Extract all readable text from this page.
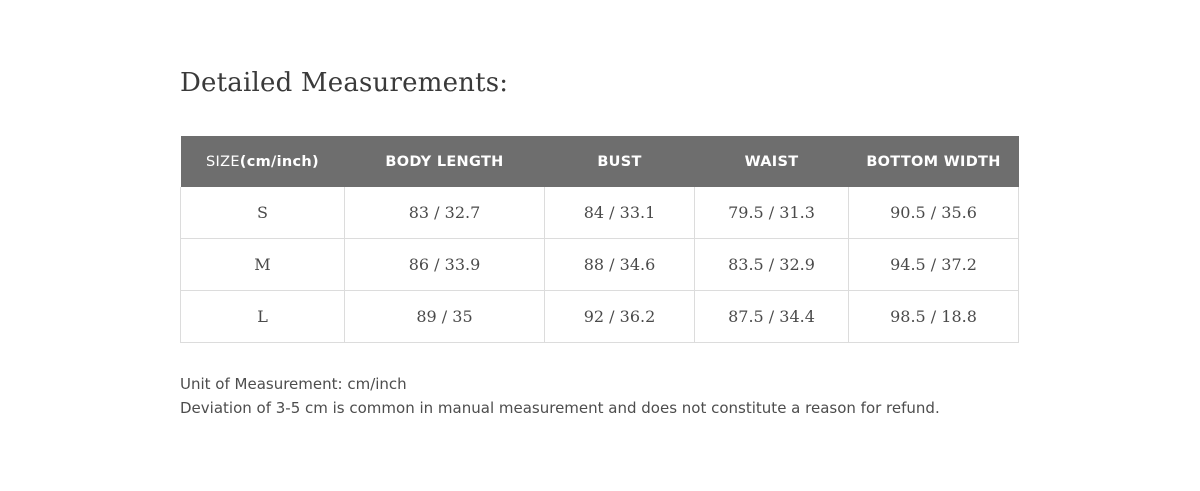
Detailed Measurements:
SIZE(cm/inch)	BODY LENGTH	BUST	WAIST	BOTTOM WIDTH
S	83 / 32.7	84 / 33.1	79.5 / 31.3	90.5 / 35.6
M	86 / 33.9	88 / 34.6	83.5 / 32.9	94.5 / 37.2
L	89 / 35	92 / 36.2	87.5 / 34.4	98.5 / 18.8
Unit of Measurement: cm/inch
Deviation of 3-5 cm is common in manual measurement and does not constitute a reason for refund.
